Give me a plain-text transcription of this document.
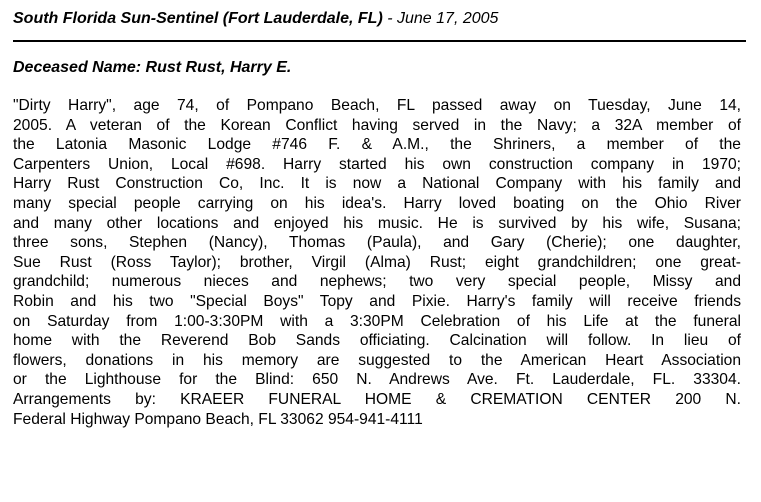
South Florida Sun-Sentinel (Fort Lauderdale, FL) - June 17, 2005
Deceased Name: Rust Rust, Harry E.
"Dirty Harry", age 74, of Pompano Beach, FL passed away on Tuesday, June 14,
2005. A veteran of the Korean Conflict having served in the Navy; a 32A member of
the Latonia Masonic Lodge #746 F. & A.M., the Shriners, a member of the
Carpenters Union, Local #698. Harry started his own construction company in 1970;
Harry Rust Construction Co, Inc. It is now a National Company with his family and
many special people carrying on his idea's. Harry loved boating on the Ohio River
and many other locations and enjoyed his music. He is survived by his wife, Susana;
three sons, Stephen (Nancy), Thomas (Paula), and Gary (Cherie); one daughter,
Sue Rust (Ross Taylor); brother, Virgil (Alma) Rust; eight grandchildren; one great-
grandchild; numerous nieces and nephews; two very special people, Missy and
Robin and his two "Special Boys" Topy and Pixie. Harry's family will receive friends
on Saturday from 1:00-3:30PM with a 3:30PM Celebration of his Life at the funeral
home with the Reverend Bob Sands officiating. Calcination will follow. In lieu of
flowers, donations in his memory are suggested to the American Heart Association
or the Lighthouse for the Blind: 650 N. Andrews Ave. Ft. Lauderdale, FL. 33304.
Arrangements by: KRAEER FUNERAL HOME & CREMATION CENTER 200 N.
Federal Highway Pompano Beach, FL 33062 954-941-4111
